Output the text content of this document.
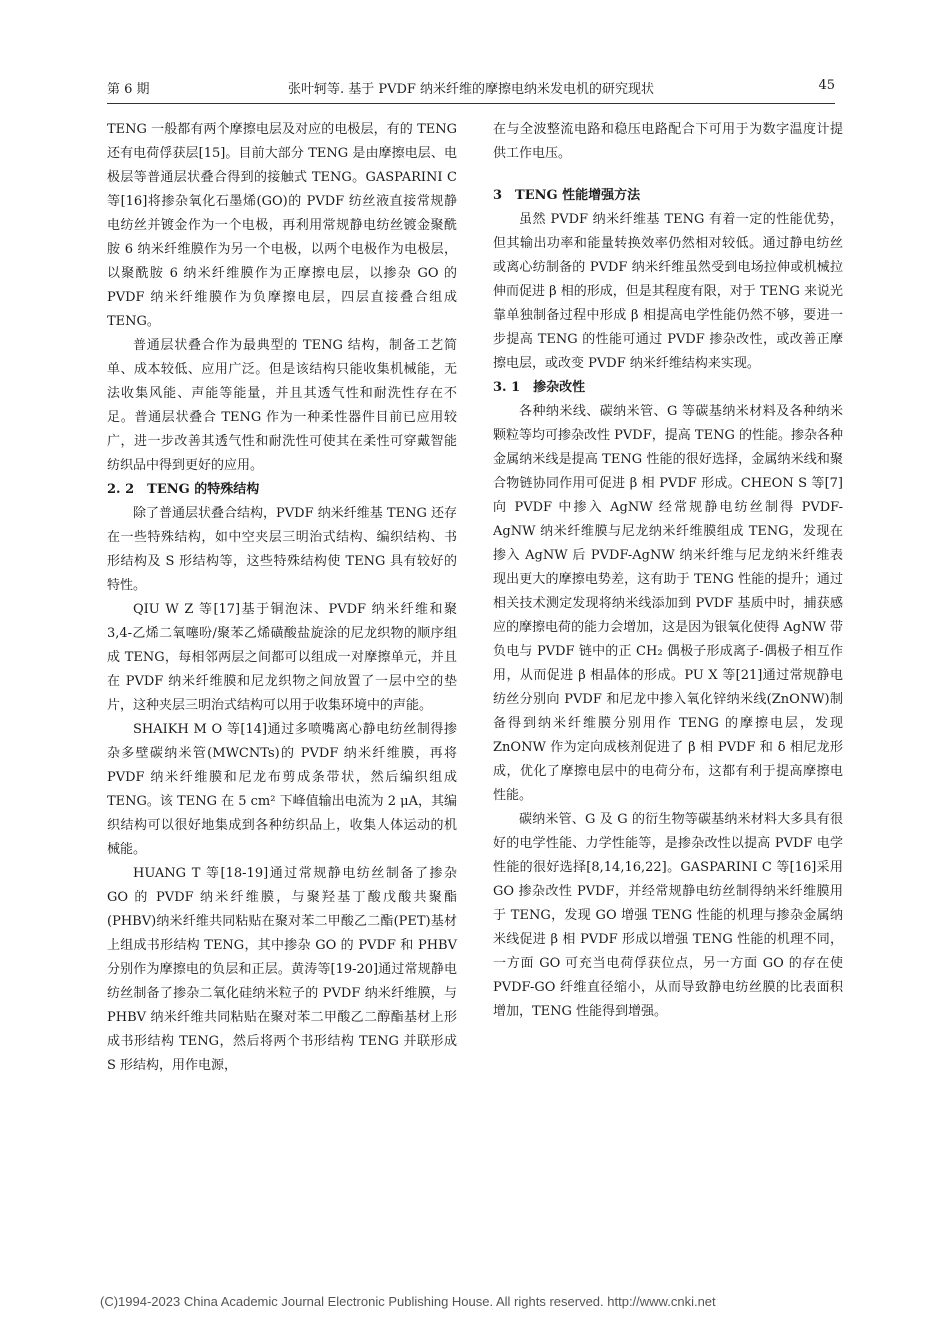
第 6 期	张叶轲等. 基于 PVDF 纳米纤维的摩擦电纳米发电机的研究现状	45

TENG 一般都有两个摩擦电层及对应的电极层，有的 TENG 还有电荷俘获层[15]。目前大部分 TENG 是由摩擦电层、电极层等普通层状叠合得到的接触式 TENG。GASPARINI C 等[16]将掺杂氧化石墨烯(GO)的 PVDF 纺丝液直接常规静电纺丝并镀金作为一个电极，再利用常规静电纺丝镀金聚酰胺 6 纳米纤维膜作为另一个电极，以两个电极作为电极层，以聚酰胺 6 纳米纤维膜作为正摩擦电层，以掺杂 GO 的 PVDF 纳米纤维膜作为负摩擦电层，四层直接叠合组成 TENG。

普通层状叠合作为最典型的 TENG 结构，制备工艺简单、成本较低、应用广泛。但是该结构只能收集机械能，无法收集风能、声能等能量，并且其透气性和耐洗性存在不足。普通层状叠合 TENG 作为一种柔性器件目前已应用较广，进一步改善其透气性和耐洗性可使其在柔性可穿戴智能纺织品中得到更好的应用。

2. 2　TENG 的特殊结构

除了普通层状叠合结构，PVDF 纳米纤维基 TENG 还存在一些特殊结构，如中空夹层三明治式结构、编织结构、书形结构及 S 形结构等，这些特殊结构使 TENG 具有较好的特性。

QIU W Z 等[17]基于铜泡沫、PVDF 纳米纤维和聚 3,4-乙烯二氧噻吩/聚苯乙烯磺酸盐旋涂的尼龙织物的顺序组成 TENG，每相邻两层之间都可以组成一对摩擦单元，并且在 PVDF 纳米纤维膜和尼龙织物之间放置了一层中空的垫片，这种夹层三明治式结构可以用于收集环境中的声能。

SHAIKH M O 等[14]通过多喷嘴离心静电纺丝制得掺杂多壁碳纳米管(MWCNTs)的 PVDF 纳米纤维膜，再将 PVDF 纳米纤维膜和尼龙布剪成条带状，然后编织组成 TENG。该 TENG 在 5 cm² 下峰值输出电流为 2 μA，其编织结构可以很好地集成到各种纺织品上，收集人体运动的机械能。

HUANG T 等[18-19]通过常规静电纺丝制备了掺杂 GO 的 PVDF 纳米纤维膜，与聚羟基丁酸戊酸共聚酯(PHBV)纳米纤维共同粘贴在聚对苯二甲酸乙二酯(PET)基材上组成书形结构 TENG，其中掺杂 GO 的 PVDF 和 PHBV 分别作为摩擦电的负层和正层。黄涛等[19-20]通过常规静电纺丝制备了掺杂二氧化硅纳米粒子的 PVDF 纳米纤维膜，与 PHBV 纳米纤维共同粘贴在聚对苯二甲酸乙二醇酯基材上形成书形结构 TENG，然后将两个书形结构 TENG 并联形成 S 形结构，用作电源，

在与全波整流电路和稳压电路配合下可用于为数字温度计提供工作电压。

3　TENG 性能增强方法

虽然 PVDF 纳米纤维基 TENG 有着一定的性能优势，但其输出功率和能量转换效率仍然相对较低。通过静电纺丝或离心纺制备的 PVDF 纳米纤维虽然受到电场拉伸或机械拉伸而促进 β 相的形成，但是其程度有限，对于 TENG 来说光靠单独制备过程中形成 β 相提高电学性能仍然不够，要进一步提高 TENG 的性能可通过 PVDF 掺杂改性，或改善正摩擦电层，或改变 PVDF 纳米纤维结构来实现。

3. 1　掺杂改性

各种纳米线、碳纳米管、G 等碳基纳米材料及各种纳米颗粒等均可掺杂改性 PVDF，提高 TENG 的性能。掺杂各种金属纳米线是提高 TENG 性能的很好选择，金属纳米线和聚合物链协同作用可促进 β 相 PVDF 形成。CHEON S 等[7]向 PVDF 中掺入 AgNW 经常规静电纺丝制得 PVDF-AgNW 纳米纤维膜与尼龙纳米纤维膜组成 TENG，发现在掺入 AgNW 后 PVDF-AgNW 纳米纤维与尼龙纳米纤维表现出更大的摩擦电势差，这有助于 TENG 性能的提升；通过相关技术测定发现将纳米线添加到 PVDF 基质中时，捕获感应的摩擦电荷的能力会增加，这是因为银氧化使得 AgNW 带负电与 PVDF 链中的正 CH₂ 偶极子形成离子-偶极子相互作用，从而促进 β 相晶体的形成。PU X 等[21]通过常规静电纺丝分别向 PVDF 和尼龙中掺入氧化锌纳米线(ZnONW)制备得到纳米纤维膜分别用作 TENG 的摩擦电层，发现 ZnONW 作为定向成核剂促进了 β 相 PVDF 和 δ 相尼龙形成，优化了摩擦电层中的电荷分布，这都有利于提高摩擦电性能。

碳纳米管、G 及 G 的衍生物等碳基纳米材料大多具有很好的电学性能、力学性能等，是掺杂改性以提高 PVDF 电学性能的很好选择[8,14,16,22]。GASPARINI C 等[16]采用 GO 掺杂改性 PVDF，并经常规静电纺丝制得纳米纤维膜用于 TENG，发现 GO 增强 TENG 性能的机理与掺杂金属纳米线促进 β 相 PVDF 形成以增强 TENG 性能的机理不同，一方面 GO 可充当电荷俘获位点，另一方面 GO 的存在使 PVDF-GO 纤维直径缩小，从而导致静电纺丝膜的比表面积增加，TENG 性能得到增强。

(C)1994-2023 China Academic Journal Electronic Publishing House. All rights reserved. http://www.cnki.net
